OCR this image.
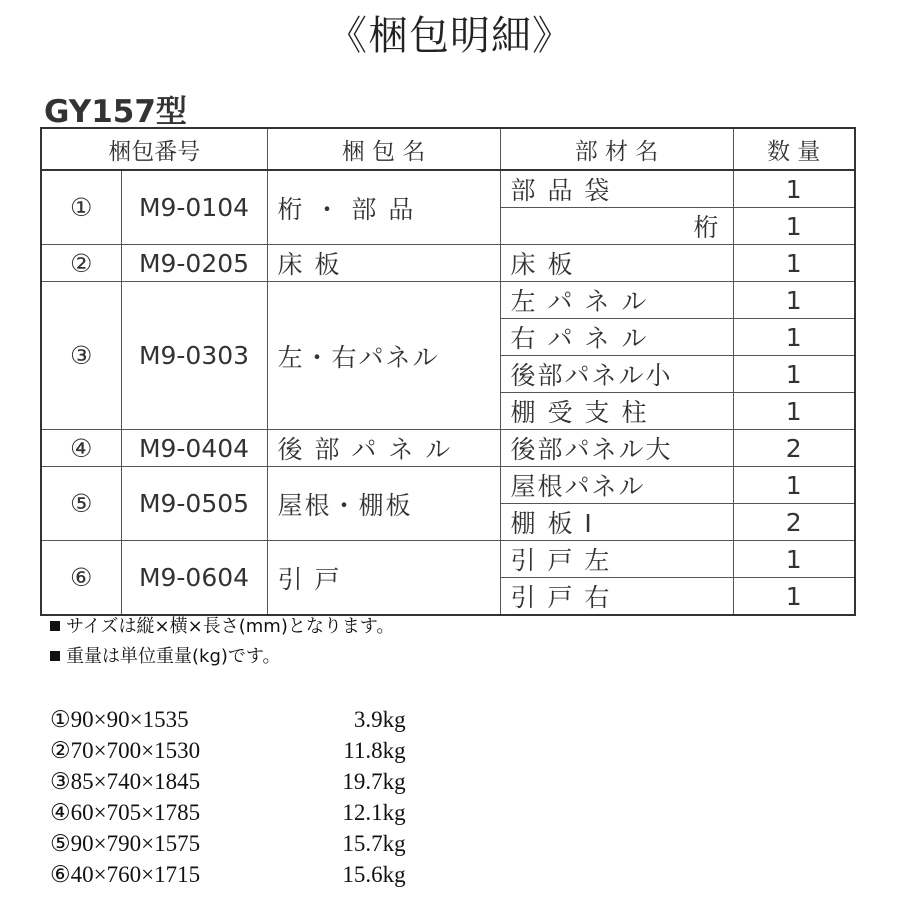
《梱包明細》
GY157型
梱包番号		梱 包 名	部 材 名	数 量
①	M9-0104	桁 ・ 部 品	部 品 袋	1
			桁	1
②	M9-0205	床 板	床 板	1
③	M9-0303	左・右パネル	左 パ ネ ル	1
			右 パ ネ ル	1
			後部パネル小	1
			棚 受 支 柱	1
④	M9-0404	後 部 パ ネ ル	後部パネル大	2
⑤	M9-0505	屋根・棚板	屋根パネル	1
			棚 板 Ⅰ	2
⑥	M9-0604	引 戸	引 戸 左	1
			引 戸 右	1
サイズは縦×横×長さ(mm)となります。
重量は単位重量(kg)です。
①90×90×1535	3.9kg
②70×700×1530	11.8kg
③85×740×1845	19.7kg
④60×705×1785	12.1kg
⑤90×790×1575	15.7kg
⑥40×760×1715	15.6kg
